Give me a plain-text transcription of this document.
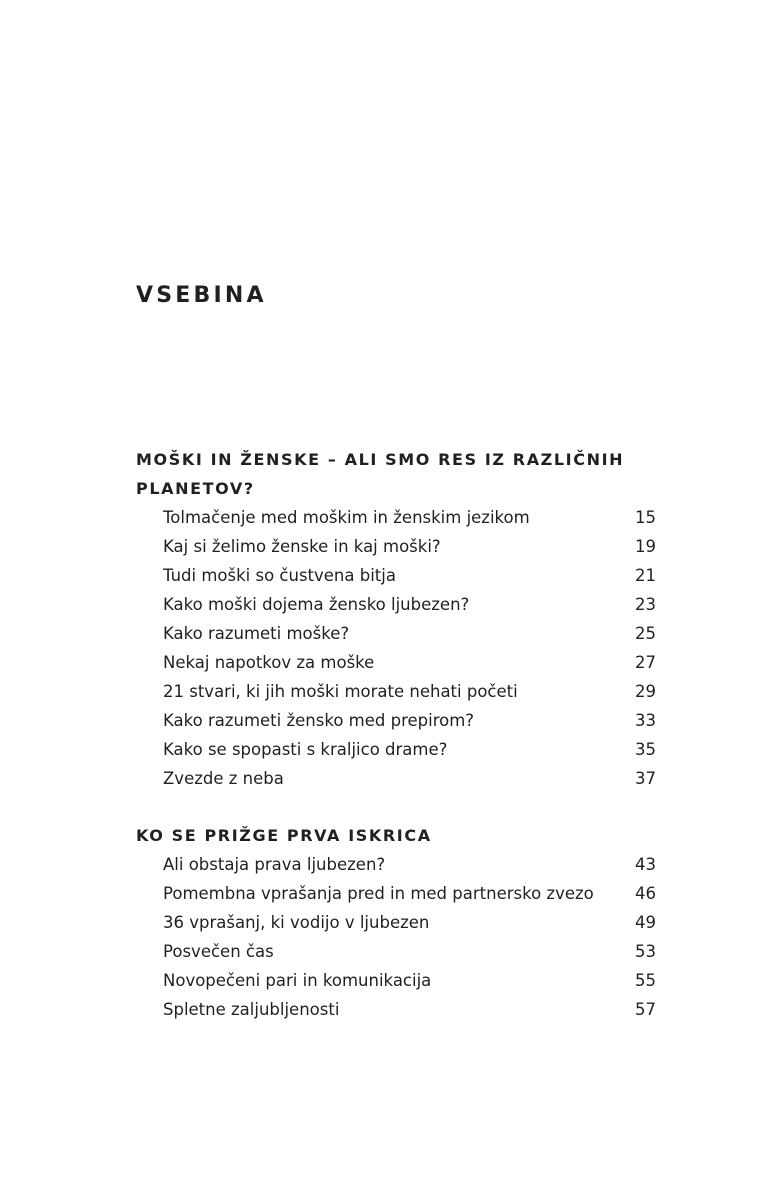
VSEBINA
MOŠKI IN ŽENSKE – ALI SMO RES IZ RAZLIČNIH
PLANETOV?
Tolmačenje med moškim in ženskim jezikom	15
Kaj si želimo ženske in kaj moški?	19
Tudi moški so čustvena bitja	21
Kako moški dojema žensko ljubezen?	23
Kako razumeti moške?	25
Nekaj napotkov za moške	27
21 stvari, ki jih moški morate nehati početi	29
Kako razumeti žensko med prepirom?	33
Kako se spopasti s kraljico drame?	35
Zvezde z neba	37
KO SE PRIŽGE PRVA ISKRICA
Ali obstaja prava ljubezen?	43
Pomembna vprašanja pred in med partnersko zvezo	46
36 vprašanj, ki vodijo v ljubezen	49
Posvečen čas	53
Novopečeni pari in komunikacija	55
Spletne zaljubljenosti	57
